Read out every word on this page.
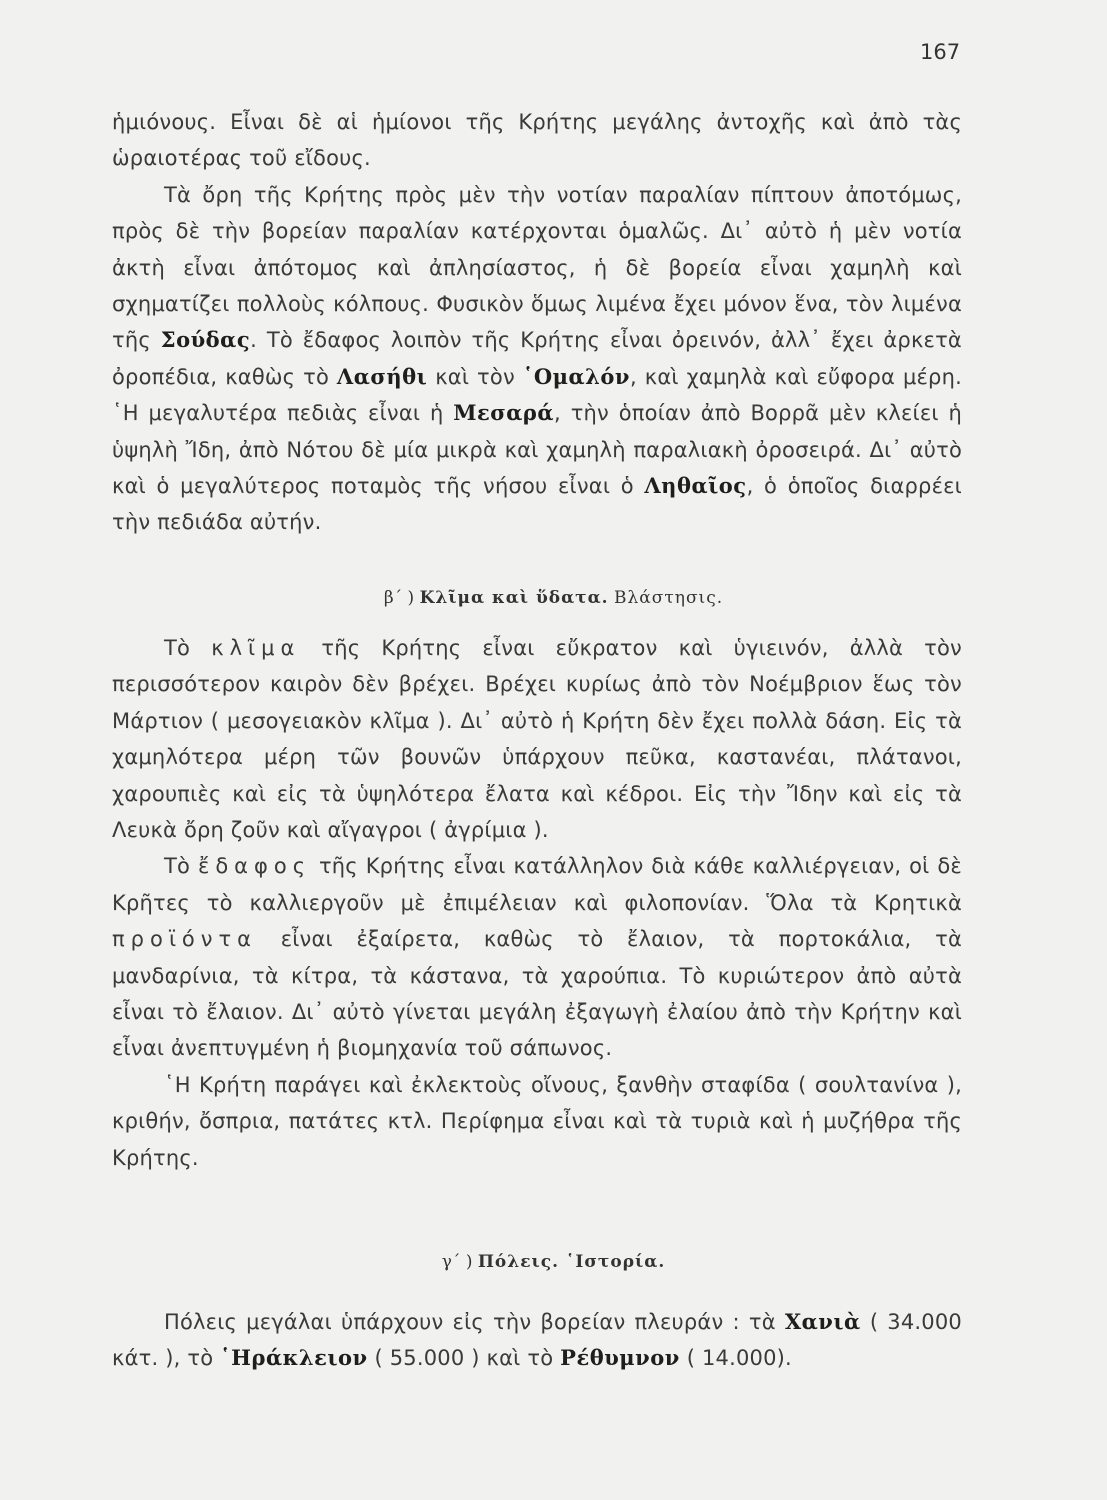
167

ἡμιόνους. Εἶναι δὲ αἱ ἡμίονοι τῆς Κρήτης μεγάλης ἀντοχῆς καὶ ἀπὸ τὰς ὡραιοτέρας τοῦ εἴδους.

Τὰ ὄρη τῆς Κρήτης πρὸς μὲν τὴν νοτίαν παραλίαν πίπτουν ἀποτόμως, πρὸς δὲ τὴν βορείαν παραλίαν κατέρχονται ὁμαλῶς. Δι᾿ αὐτὸ ἡ μὲν νοτία ἀκτὴ εἶναι ἀπότομος καὶ ἀπλησίαστος, ἡ δὲ βορεία εἶναι χαμηλὴ καὶ σχηματίζει πολλοὺς κόλπους. Φυσικὸν ὅμως λιμένα ἔχει μόνον ἕνα, τὸν λιμένα τῆς Σούδας. Τὸ ἔδαφος λοιπὸν τῆς Κρήτης εἶναι ὀρεινόν, ἀλλ᾿ ἔχει ἀρκετὰ ὀροπέδια, καθὼς τὸ Λασήθι καὶ τὸν ῾Ομαλόν, καὶ χαμηλὰ καὶ εὔφορα μέρη. ῾Η μεγαλυτέρα πεδιὰς εἶναι ἡ Μεσαρά, τὴν ὁποίαν ἀπὸ Βορρᾶ μὲν κλείει ἡ ὑψηλὴ Ἴδη, ἀπὸ Νότου δὲ μία μικρὰ καὶ χαμηλὴ παραλιακὴ ὀροσειρά. Δι᾿ αὐτὸ καὶ ὁ μεγαλύτερος ποταμὸς τῆς νήσου εἶναι ὁ Ληθαῖος, ὁ ὁποῖος διαρρέει τὴν πεδιάδα αὐτήν.

β΄ ) Κλῖμα καὶ ὕδατα. Βλάστησις.

Τὸ κλῖμα τῆς Κρήτης εἶναι εὔκρατον καὶ ὑγιεινόν, ἀλλὰ τὸν περισσότερον καιρὸν δὲν βρέχει. Βρέχει κυρίως ἀπὸ τὸν Νοέμβριον ἕως τὸν Μάρτιον ( μεσογειακὸν κλῖμα ). Δι᾿ αὐτὸ ἡ Κρήτη δὲν ἔχει πολλὰ δάση. Εἰς τὰ χαμηλότερα μέρη τῶν βουνῶν ὑπάρχουν πεῦκα, καστανέαι, πλάτανοι, χαρουπιὲς καὶ εἰς τὰ ὑψηλότερα ἔλατα καὶ κέδροι. Εἰς τὴν Ἴδην καὶ εἰς τὰ Λευκὰ ὄρη ζοῦν καὶ αἴγαγροι ( ἀγρίμια ).

Τὸ ἔδαφος τῆς Κρήτης εἶναι κατάλληλον διὰ κάθε καλλιέργειαν, οἱ δὲ Κρῆτες τὸ καλλιεργοῦν μὲ ἐπιμέλειαν καὶ φιλοπονίαν. Ὅλα τὰ Κρητικὰ προϊόντα εἶναι ἐξαίρετα, καθὼς τὸ ἔλαιον, τὰ πορτοκάλια, τὰ μανδαρίνια, τὰ κίτρα, τὰ κάστανα, τὰ χαρούπια. Τὸ κυριώτερον ἀπὸ αὐτὰ εἶναι τὸ ἔλαιον. Δι᾿ αὐτὸ γίνεται μεγάλη ἐξαγωγὴ ἐλαίου ἀπὸ τὴν Κρήτην καὶ εἶναι ἀνεπτυγμένη ἡ βιομηχανία τοῦ σάπωνος.

῾Η Κρήτη παράγει καὶ ἐκλεκτοὺς οἴνους, ξανθὴν σταφίδα ( σουλτανίνα ), κριθήν, ὄσπρια, πατάτες κτλ. Περίφημα εἶναι καὶ τὰ τυριὰ καὶ ἡ μυζήθρα τῆς Κρήτης.

γ΄ ) Πόλεις. ῾Ιστορία.

Πόλεις μεγάλαι ὑπάρχουν εἰς τὴν βορείαν πλευράν : τὰ Χανιὰ ( 34.000 κάτ. ), τὸ ῾Ηράκλειον ( 55.000 ) καὶ τὸ Ρέθυμνον ( 14.000).
